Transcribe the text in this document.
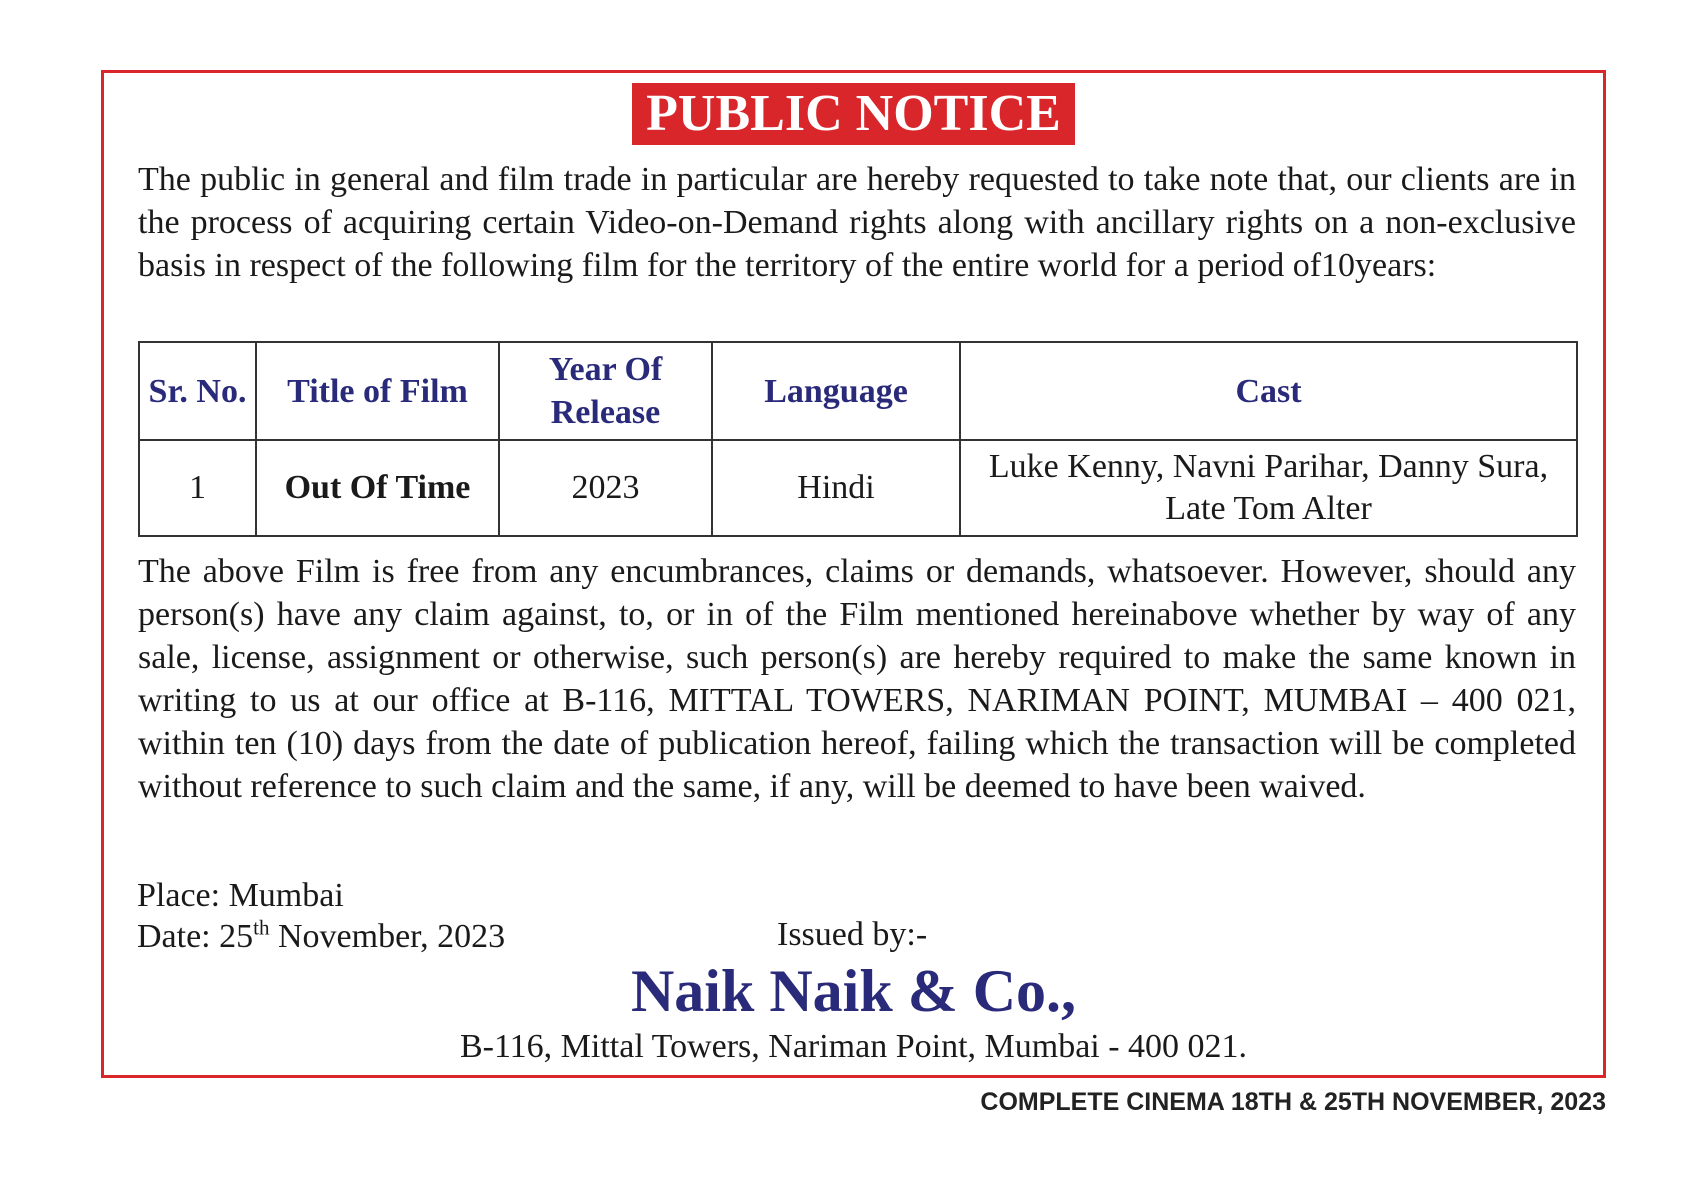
PUBLIC NOTICE
The public in general and film trade in particular are hereby requested to take note that, our clients are in the process of acquiring certain Video-on-Demand rights along with ancillary rights on a non-exclusive basis in respect of the following film for the territory of the entire world for a period of10years:
Sr. No.	Title of Film	Year Of Release	Language	Cast
1	Out Of Time	2023	Hindi	Luke Kenny, Navni Parihar, Danny Sura, Late Tom Alter
The above Film is free from any encumbrances, claims or demands, whatsoever. However, should any person(s) have any claim against, to, or in of the Film mentioned hereinabove whether by way of any sale, license, assignment or otherwise, such person(s) are hereby required to make the same known in writing to us at our office at B-116, MITTAL TOWERS, NARIMAN POINT, MUMBAI – 400 021, within ten (10) days from the date of publication hereof, failing which the transaction will be completed without reference to such claim and the same, if any, will be deemed to have been waived.
Place: Mumbai
Date: 25th November, 2023	Issued by:-
Naik Naik & Co.,
B-116, Mittal Towers, Nariman Point, Mumbai - 400 021.
COMPLETE CINEMA 18TH & 25TH NOVEMBER, 2023
